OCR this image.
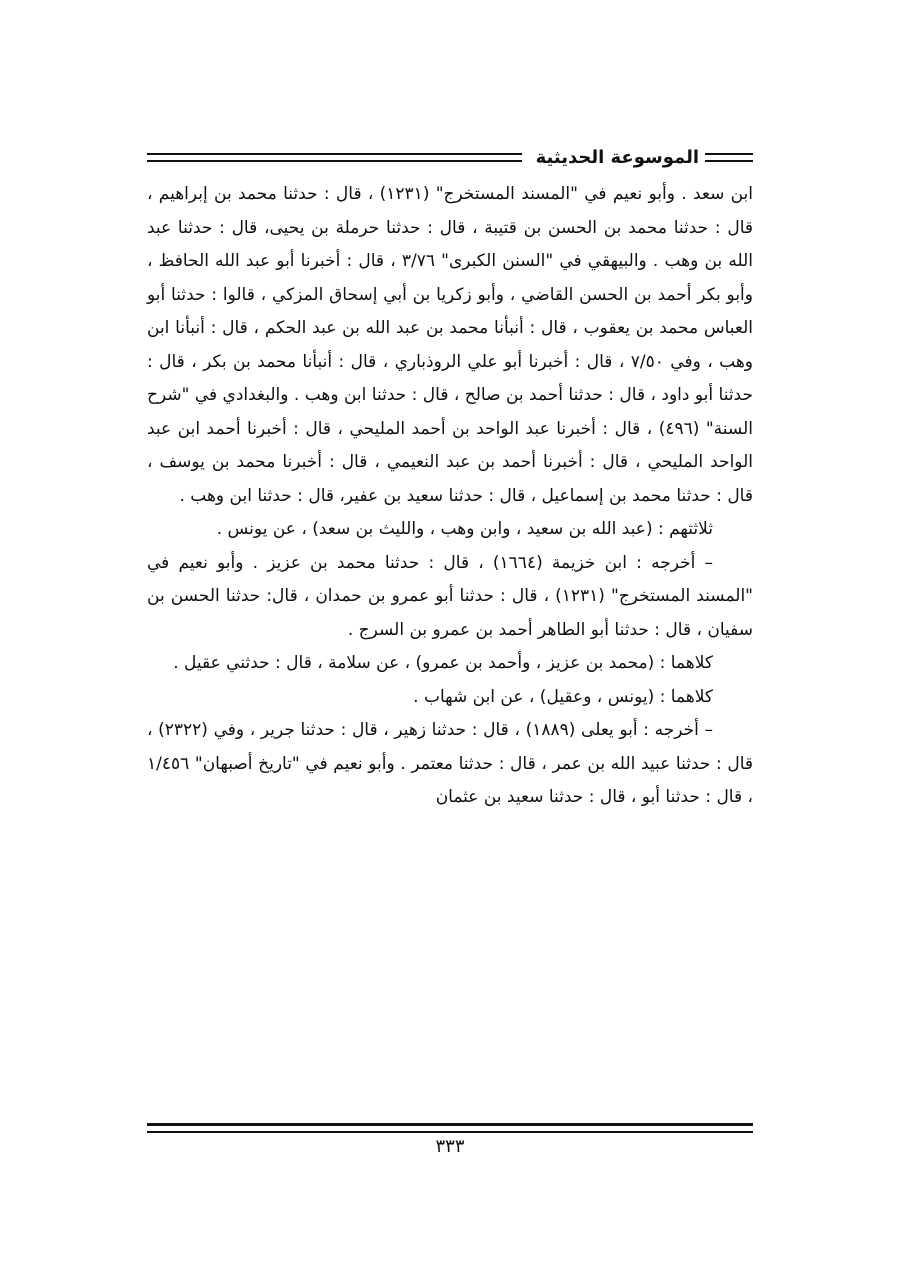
الموسوعة الحديثية

ابن سعد . وأبو نعيم في "المسند المستخرج" (١٢٣١) ، قال : حدثنا محمد بن إبراهيم ، قال : حدثنا محمد بن الحسن بن قتيبة ، قال : حدثنا حرملة بن يحيى، قال : حدثنا عبد الله بن وهب . والبيهقي في "السنن الكبرى" ٣/٧٦ ، قال : أخبرنا أبو عبد الله الحافظ ، وأبو بكر أحمد بن الحسن القاضي ، وأبو زكريا بن أبي إسحاق المزكي ، قالوا : حدثنا أبو العباس محمد بن يعقوب ، قال : أنبأنا محمد بن عبد الله بن عبد الحكم ، قال : أنبأنا ابن وهب ، وفي ٧/٥٠ ، قال : أخبرنا أبو علي الروذباري ، قال : أنبأنا محمد بن بكر ، قال : حدثنا أبو داود ، قال : حدثنا أحمد بن صالح ، قال : حدثنا ابن وهب . والبغدادي في "شرح السنة" (٤٩٦) ، قال : أخبرنا عبد الواحد بن أحمد المليحي ، قال : أخبرنا أحمد ابن عبد الواحد المليحي ، قال : أخبرنا أحمد بن عبد النعيمي ، قال : أخبرنا محمد بن يوسف ، قال : حدثنا محمد بن إسماعيل ، قال : حدثنا سعيد بن عفير، قال : حدثنا ابن وهب .

ثلاثتهم : (عبد الله بن سعيد ، وابن وهب ، والليث بن سعد) ، عن يونس .

– أخرجه : ابن خزيمة (١٦٦٤) ، قال : حدثنا محمد بن عزيز . وأبو نعيم في "المسند المستخرج" (١٢٣١) ، قال : حدثنا أبو عمرو بن حمدان ، قال: حدثنا الحسن بن سفيان ، قال : حدثنا أبو الطاهر أحمد بن عمرو بن السرج .

كلاهما : (محمد بن عزيز ، وأحمد بن عمرو) ، عن سلامة ، قال : حدثني عقيل .

كلاهما : (يونس ، وعقيل) ، عن ابن شهاب .

– أخرجه : أبو يعلى (١٨٨٩) ، قال : حدثنا زهير ، قال : حدثنا جرير ، وفي (٢٣٢٢) ، قال : حدثنا عبيد الله بن عمر ، قال : حدثنا معتمر . وأبو نعيم في "تاريخ أصبهان" ١/٤٥٦ ، قال : حدثنا أبو ، قال : حدثنا سعيد بن عثمان

٣٣٣
